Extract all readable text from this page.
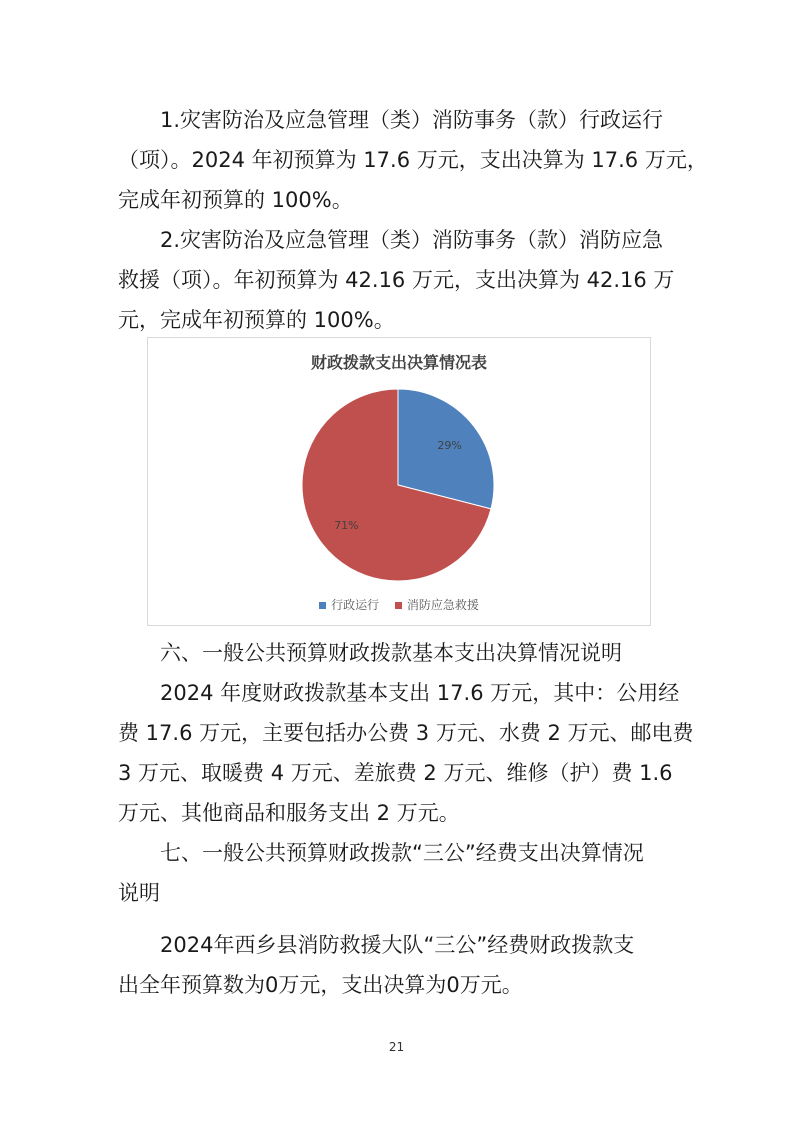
　　1.灾害防治及应急管理（类）消防事务（款）行政运行
（项）。2024 年初预算为 17.6 万元，支出决算为 17.6 万元，
完成年初预算的 100%。

　　2.灾害防治及应急管理（类）消防事务（款）消防应急
救援（项）。年初预算为 42.16 万元，支出决算为 42.16 万
元，完成年初预算的 100%。

财政拨款支出决算情况表
29%
71%
行政运行 消防应急救援

　　六、一般公共预算财政拨款基本支出决算情况说明

　　2024 年度财政拨款基本支出 17.6 万元，其中：公用经
费 17.6 万元，主要包括办公费 3 万元、水费 2 万元、邮电费
3 万元、取暖费 4 万元、差旅费 2 万元、维修（护）费 1.6
万元、其他商品和服务支出 2 万元。

　　七、一般公共预算财政拨款“三公”经费支出决算情况
说明

　　2024年西乡县消防救援大队“三公”经费财政拨款支
出全年预算数为0万元，支出决算为0万元。

21
